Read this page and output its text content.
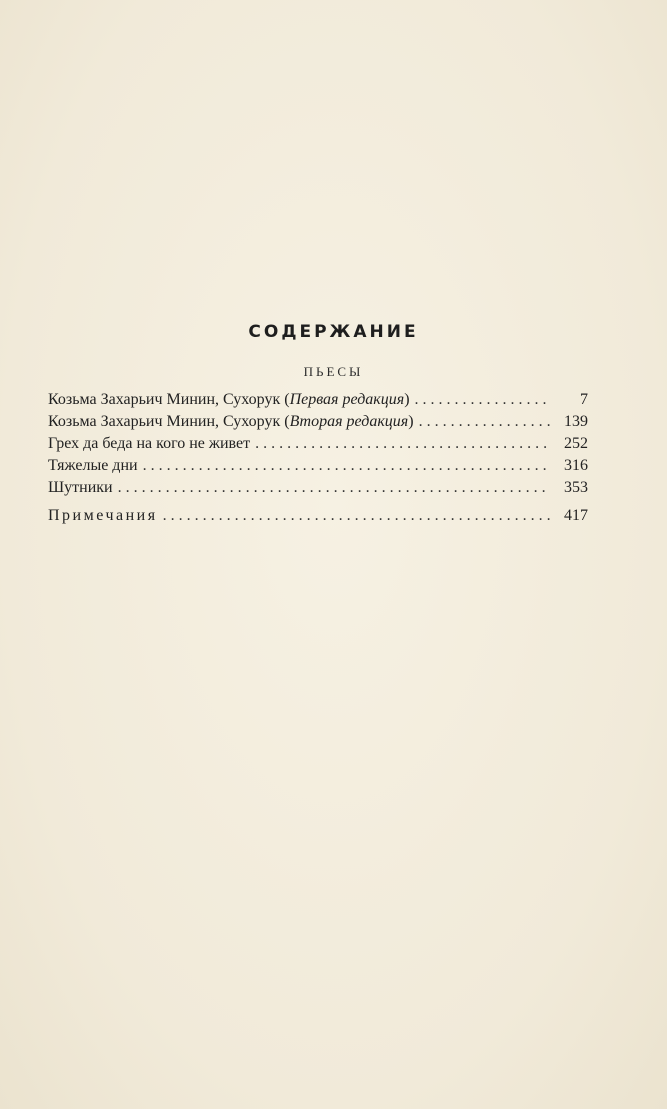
СОДЕРЖАНИЕ
ПЬЕСЫ
Козьма Захарьич Минин, Сухорук (Первая редакция) . . .	7
Козьма Захарьич Минин, Сухорук (Вторая редакция) . . .	139
Грех да беда на кого не живет . . .	252
Тяжелые дни . . .	316
Шутники . . .	353
Примечания . . .	417
